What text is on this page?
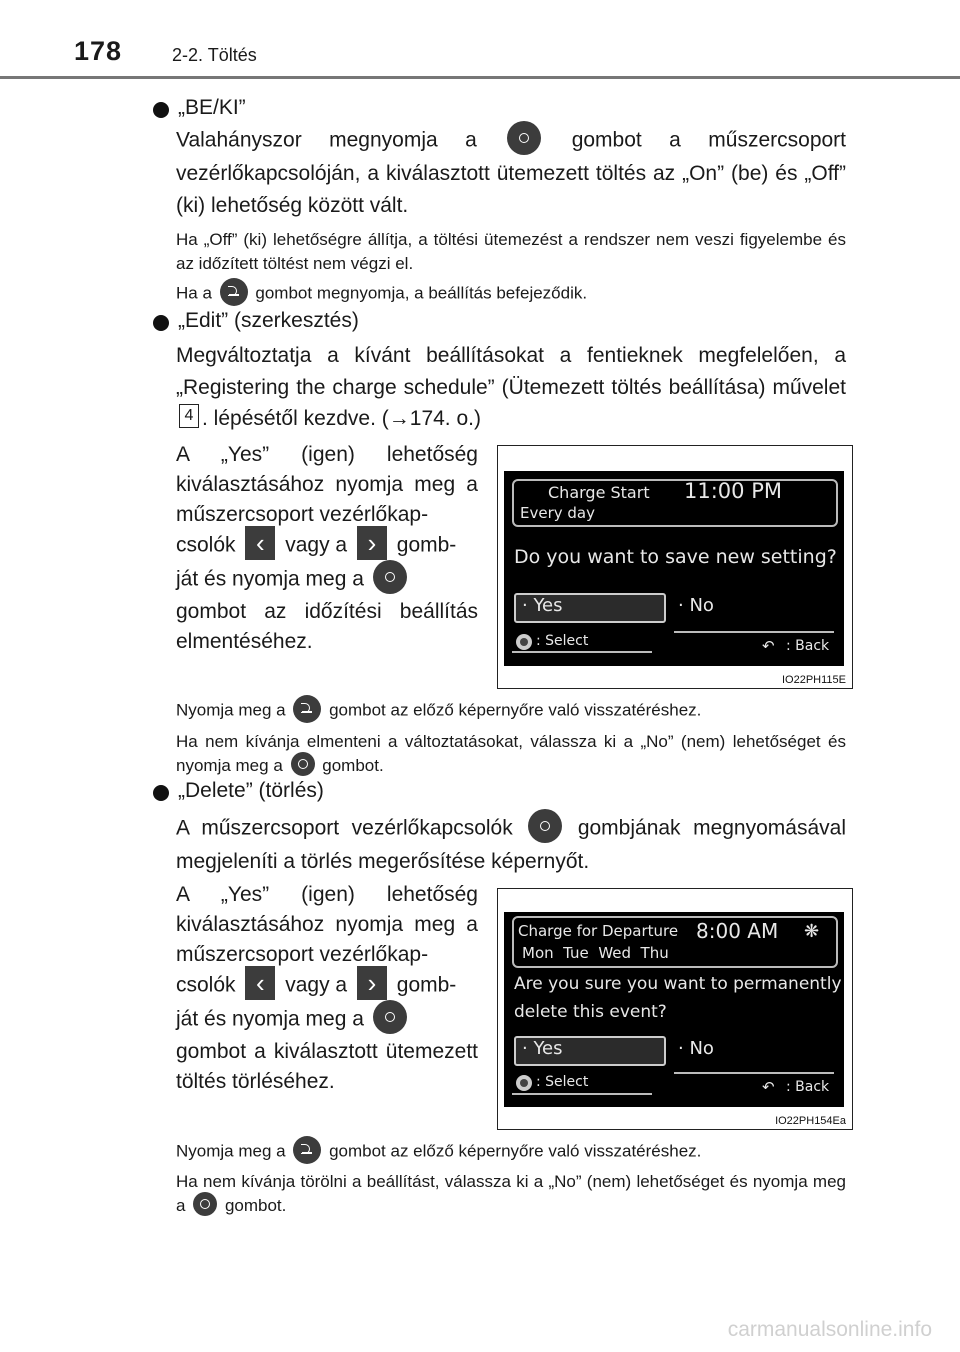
178	2-2. Töltés
„BE/KI”
Valahányszor megnyomja a	gombot a műszercsoport vezérlőkapcsolóján, a kiválasztott ütemezett töltés az „On” (be) és „Off” (ki) lehetőség között vált.
Ha „Off” (ki) lehetőségre állítja, a töltési ütemezést a rendszer nem veszi figyelembe és az időzített töltést nem végzi el.
Ha a	gombot megnyomja, a beállítás befejeződik.
„Edit” (szerkesztés)
Megváltoztatja a kívánt beállításokat a fentieknek megfelelően, a „Registering the charge schedule” (Ütemezett töltés beállítása) művelet 4 . lépésétől kezdve. (→174. o.)
A „Yes” (igen) lehetőség kiválasztásához nyomja meg a műszercsoport vezérlőkap-
csolók ‹ vagy a › gomb-
ját és nyomja meg a
gombot az időzítési beállítás elmentéséhez.
Charge Start 11:00 PM
Every day
Do you want to save new setting?
· Yes	· No
: Select	↶ : Back
IO22PH115E
Nyomja meg a	gombot az előző képernyőre való visszatéréshez.
Ha nem kívánja elmenteni a változtatásokat, válassza ki a „No” (nem) lehetőséget és nyomja meg a gombot.
„Delete” (törlés)
A műszercsoport vezérlőkapcsolók	gombjának megnyomásával megjeleníti a törlés megerősítése képernyőt.
A „Yes” (igen) lehetőség kiválasztásához nyomja meg a műszercsoport vezérlőkap-
csolók ‹ vagy a › gomb-
ját és nyomja meg a
gombot a kiválasztott ütemezett töltés törléséhez.
Charge for Departure 8:00 AM ❋
Mon  Tue  Wed  Thu
Are you sure you want to permanently
delete this event?
· Yes	· No
: Select	↶ : Back
IO22PH154Ea
Nyomja meg a	gombot az előző képernyőre való visszatéréshez.
Ha nem kívánja törölni a beállítást, válassza ki a „No” (nem) lehetőséget és nyomja meg a gombot.
carmanualsonline.info
